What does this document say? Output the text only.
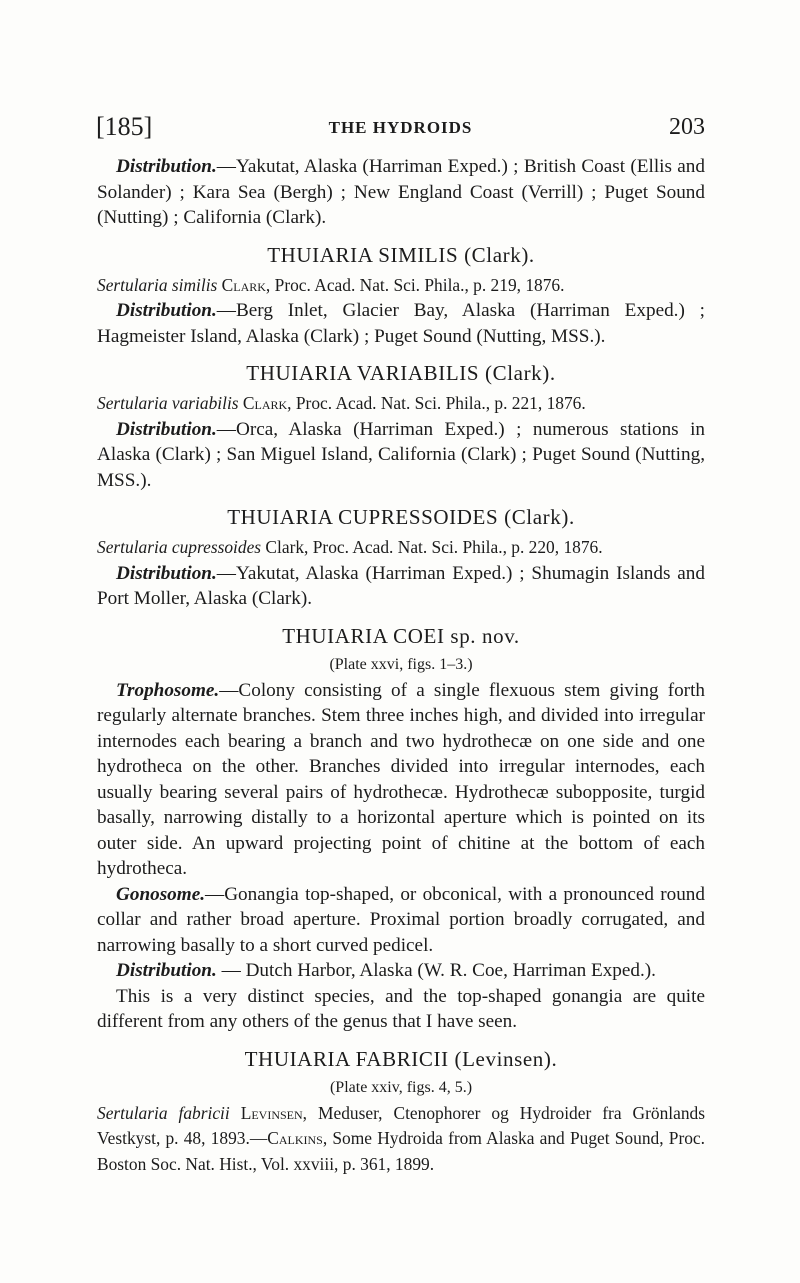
[185]	THE HYDROIDS	203

Distribution.—Yakutat, Alaska (Harriman Exped.) ; British Coast (Ellis and Solander) ; Kara Sea (Bergh) ; New England Coast (Verrill) ; Puget Sound (Nutting) ; California (Clark).

THUIARIA SIMILIS (Clark).

Sertularia similis Clark, Proc. Acad. Nat. Sci. Phila., p. 219, 1876.

Distribution.—Berg Inlet, Glacier Bay, Alaska (Harriman Exped.) ; Hagmeister Island, Alaska (Clark) ; Puget Sound (Nutting, MSS.).

THUIARIA VARIABILIS (Clark).

Sertularia variabilis Clark, Proc. Acad. Nat. Sci. Phila., p. 221, 1876.

Distribution.—Orca, Alaska (Harriman Exped.) ; numerous stations in Alaska (Clark) ; San Miguel Island, California (Clark) ; Puget Sound (Nutting, MSS.).

THUIARIA CUPRESSOIDES (Clark).

Sertularia cupressoides Clark, Proc. Acad. Nat. Sci. Phila., p. 220, 1876.

Distribution.—Yakutat, Alaska (Harriman Exped.) ; Shumagin Islands and Port Moller, Alaska (Clark).

THUIARIA COEI sp. nov.
(Plate xxvi, figs. 1–3.)

Trophosome.—Colony consisting of a single flexuous stem giving forth regularly alternate branches. Stem three inches high, and divided into irregular internodes each bearing a branch and two hydrothecæ on one side and one hydrotheca on the other. Branches divided into irregular internodes, each usually bearing several pairs of hydrothecæ. Hydrothecæ subopposite, turgid basally, narrowing distally to a horizontal aperture which is pointed on its outer side. An upward projecting point of chitine at the bottom of each hydrotheca.

Gonosome.—Gonangia top-shaped, or obconical, with a pronounced round collar and rather broad aperture. Proximal portion broadly corrugated, and narrowing basally to a short curved pedicel.

Distribution. — Dutch Harbor, Alaska (W. R. Coe, Harriman Exped.).

This is a very distinct species, and the top-shaped gonangia are quite different from any others of the genus that I have seen.

THUIARIA FABRICII (Levinsen).
(Plate xxiv, figs. 4, 5.)

Sertularia fabricii Levinsen, Meduser, Ctenophorer og Hydroider fra Grönlands Vestkyst, p. 48, 1893.—Calkins, Some Hydroida from Alaska and Puget Sound, Proc. Boston Soc. Nat. Hist., Vol. xxviii, p. 361, 1899.
